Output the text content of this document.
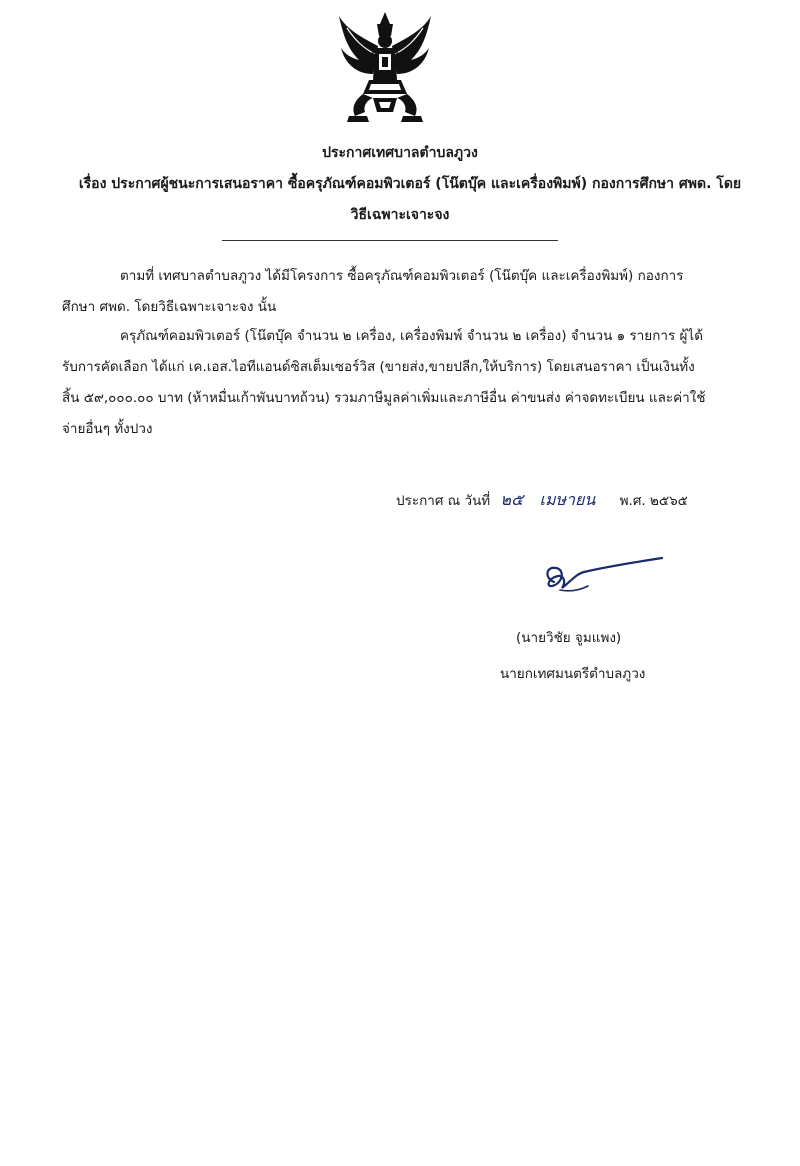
ประกาศเทศบาลตำบลภูวง
เรื่อง ประกาศผู้ชนะการเสนอราคา ซื้อครุภัณฑ์คอมพิวเตอร์ (โน๊ตบุ๊ค และเครื่องพิมพ์) กองการศึกษา ศพด. โดย
วิธีเฉพาะเจาะจง
ตามที่ เทศบาลตำบลภูวง ได้มีโครงการ ซื้อครุภัณฑ์คอมพิวเตอร์ (โน๊ตบุ๊ค และเครื่องพิมพ์) กองการ
ศึกษา ศพด. โดยวิธีเฉพาะเจาะจง นั้น
ครุภัณฑ์คอมพิวเตอร์ (โน๊ตบุ๊ค จำนวน ๒ เครื่อง, เครื่องพิมพ์ จำนวน ๒ เครื่อง) จำนวน ๑ รายการ ผู้ได้
รับการคัดเลือก ได้แก่ เค.เอส.ไอทีแอนด์ซิสเต็มเซอร์วิส (ขายส่ง,ขายปลีก,ให้บริการ) โดยเสนอราคา เป็นเงินทั้ง
สิ้น ๕๙,๐๐๐.๐๐ บาท (ห้าหมื่นเก้าพันบาทถ้วน) รวมภาษีมูลค่าเพิ่มและภาษีอื่น ค่าขนส่ง ค่าจดทะเบียน และค่าใช้
จ่ายอื่นๆ ทั้งปวง
ประกาศ ณ วันที่ ๒๕ เมษายน พ.ศ. ๒๕๖๕
(นายวิชัย จูมแพง)
นายกเทศมนตรีตำบลภูวง
